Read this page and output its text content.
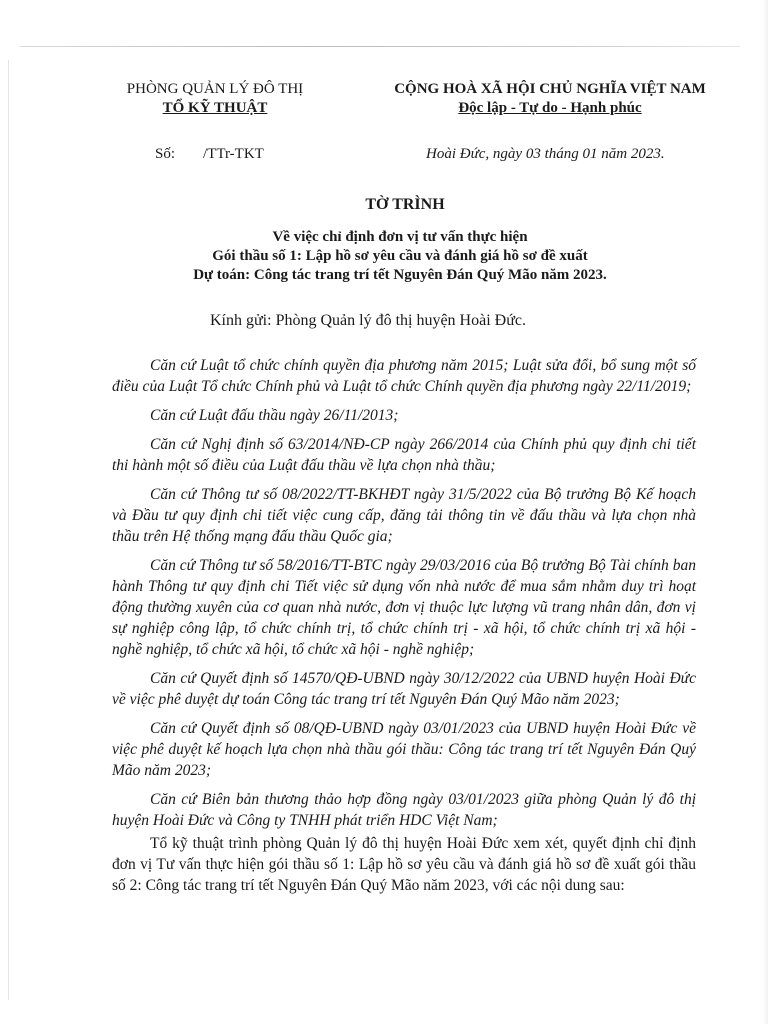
PHÒNG QUẢN LÝ ĐÔ THỊ
TỔ KỸ THUẬT
CỘNG HOÀ XÃ HỘI CHỦ NGHĨA VIỆT NAM
Độc lập - Tự do - Hạnh phúc
Số: /TTr-TKT	Hoài Đức, ngày 03 tháng 01 năm 2023.
TỜ TRÌNH
Về việc chỉ định đơn vị tư vấn thực hiện
Gói thầu số 1: Lập hồ sơ yêu cầu và đánh giá hồ sơ đề xuất
Dự toán: Công tác trang trí tết Nguyên Đán Quý Mão năm 2023.
Kính gửi: Phòng Quản lý đô thị huyện Hoài Đức.

Căn cứ Luật tổ chức chính quyền địa phương năm 2015; Luật sửa đổi, bổ sung một số điều của Luật Tổ chức Chính phủ và Luật tổ chức Chính quyền địa phương ngày 22/11/2019;

Căn cứ Luật đấu thầu ngày 26/11/2013;

Căn cứ Nghị định số 63/2014/NĐ-CP ngày 266/2014 của Chính phủ quy định chi tiết thi hành một số điều của Luật đấu thầu về lựa chọn nhà thầu;

Căn cứ Thông tư số 08/2022/TT-BKHĐT ngày 31/5/2022 của Bộ trưởng Bộ Kế hoạch và Đầu tư quy định chi tiết việc cung cấp, đăng tải thông tin về đấu thầu và lựa chọn nhà thầu trên Hệ thống mạng đấu thầu Quốc gia;

Căn cứ Thông tư số 58/2016/TT-BTC ngày 29/03/2016 của Bộ trưởng Bộ Tài chính ban hành Thông tư quy định chi Tiết việc sử dụng vốn nhà nước để mua sắm nhằm duy trì hoạt động thường xuyên của cơ quan nhà nước, đơn vị thuộc lực lượng vũ trang nhân dân, đơn vị sự nghiệp công lập, tổ chức chính trị, tổ chức chính trị - xã hội, tổ chức chính trị xã hội - nghề nghiệp, tổ chức xã hội, tổ chức xã hội - nghề nghiệp;

Căn cứ Quyết định số 14570/QĐ-UBND ngày 30/12/2022 của UBND huyện Hoài Đức về việc phê duyệt dự toán Công tác trang trí tết Nguyên Đán Quý Mão năm 2023;

Căn cứ Quyết định số 08/QĐ-UBND ngày 03/01/2023 của UBND huyện Hoài Đức về việc phê duyệt kế hoạch lựa chọn nhà thầu gói thầu: Công tác trang trí tết Nguyên Đán Quý Mão năm 2023;

Căn cứ Biên bản thương thảo hợp đồng ngày 03/01/2023 giữa phòng Quản lý đô thị huyện Hoài Đức và Công ty TNHH phát triển HDC Việt Nam;

Tổ kỹ thuật trình phòng Quản lý đô thị huyện Hoài Đức xem xét, quyết định chỉ định đơn vị Tư vấn thực hiện gói thầu số 1: Lập hồ sơ yêu cầu và đánh giá hồ sơ đề xuất gói thầu số 2: Công tác trang trí tết Nguyên Đán Quý Mão năm 2023, với các nội dung sau:
